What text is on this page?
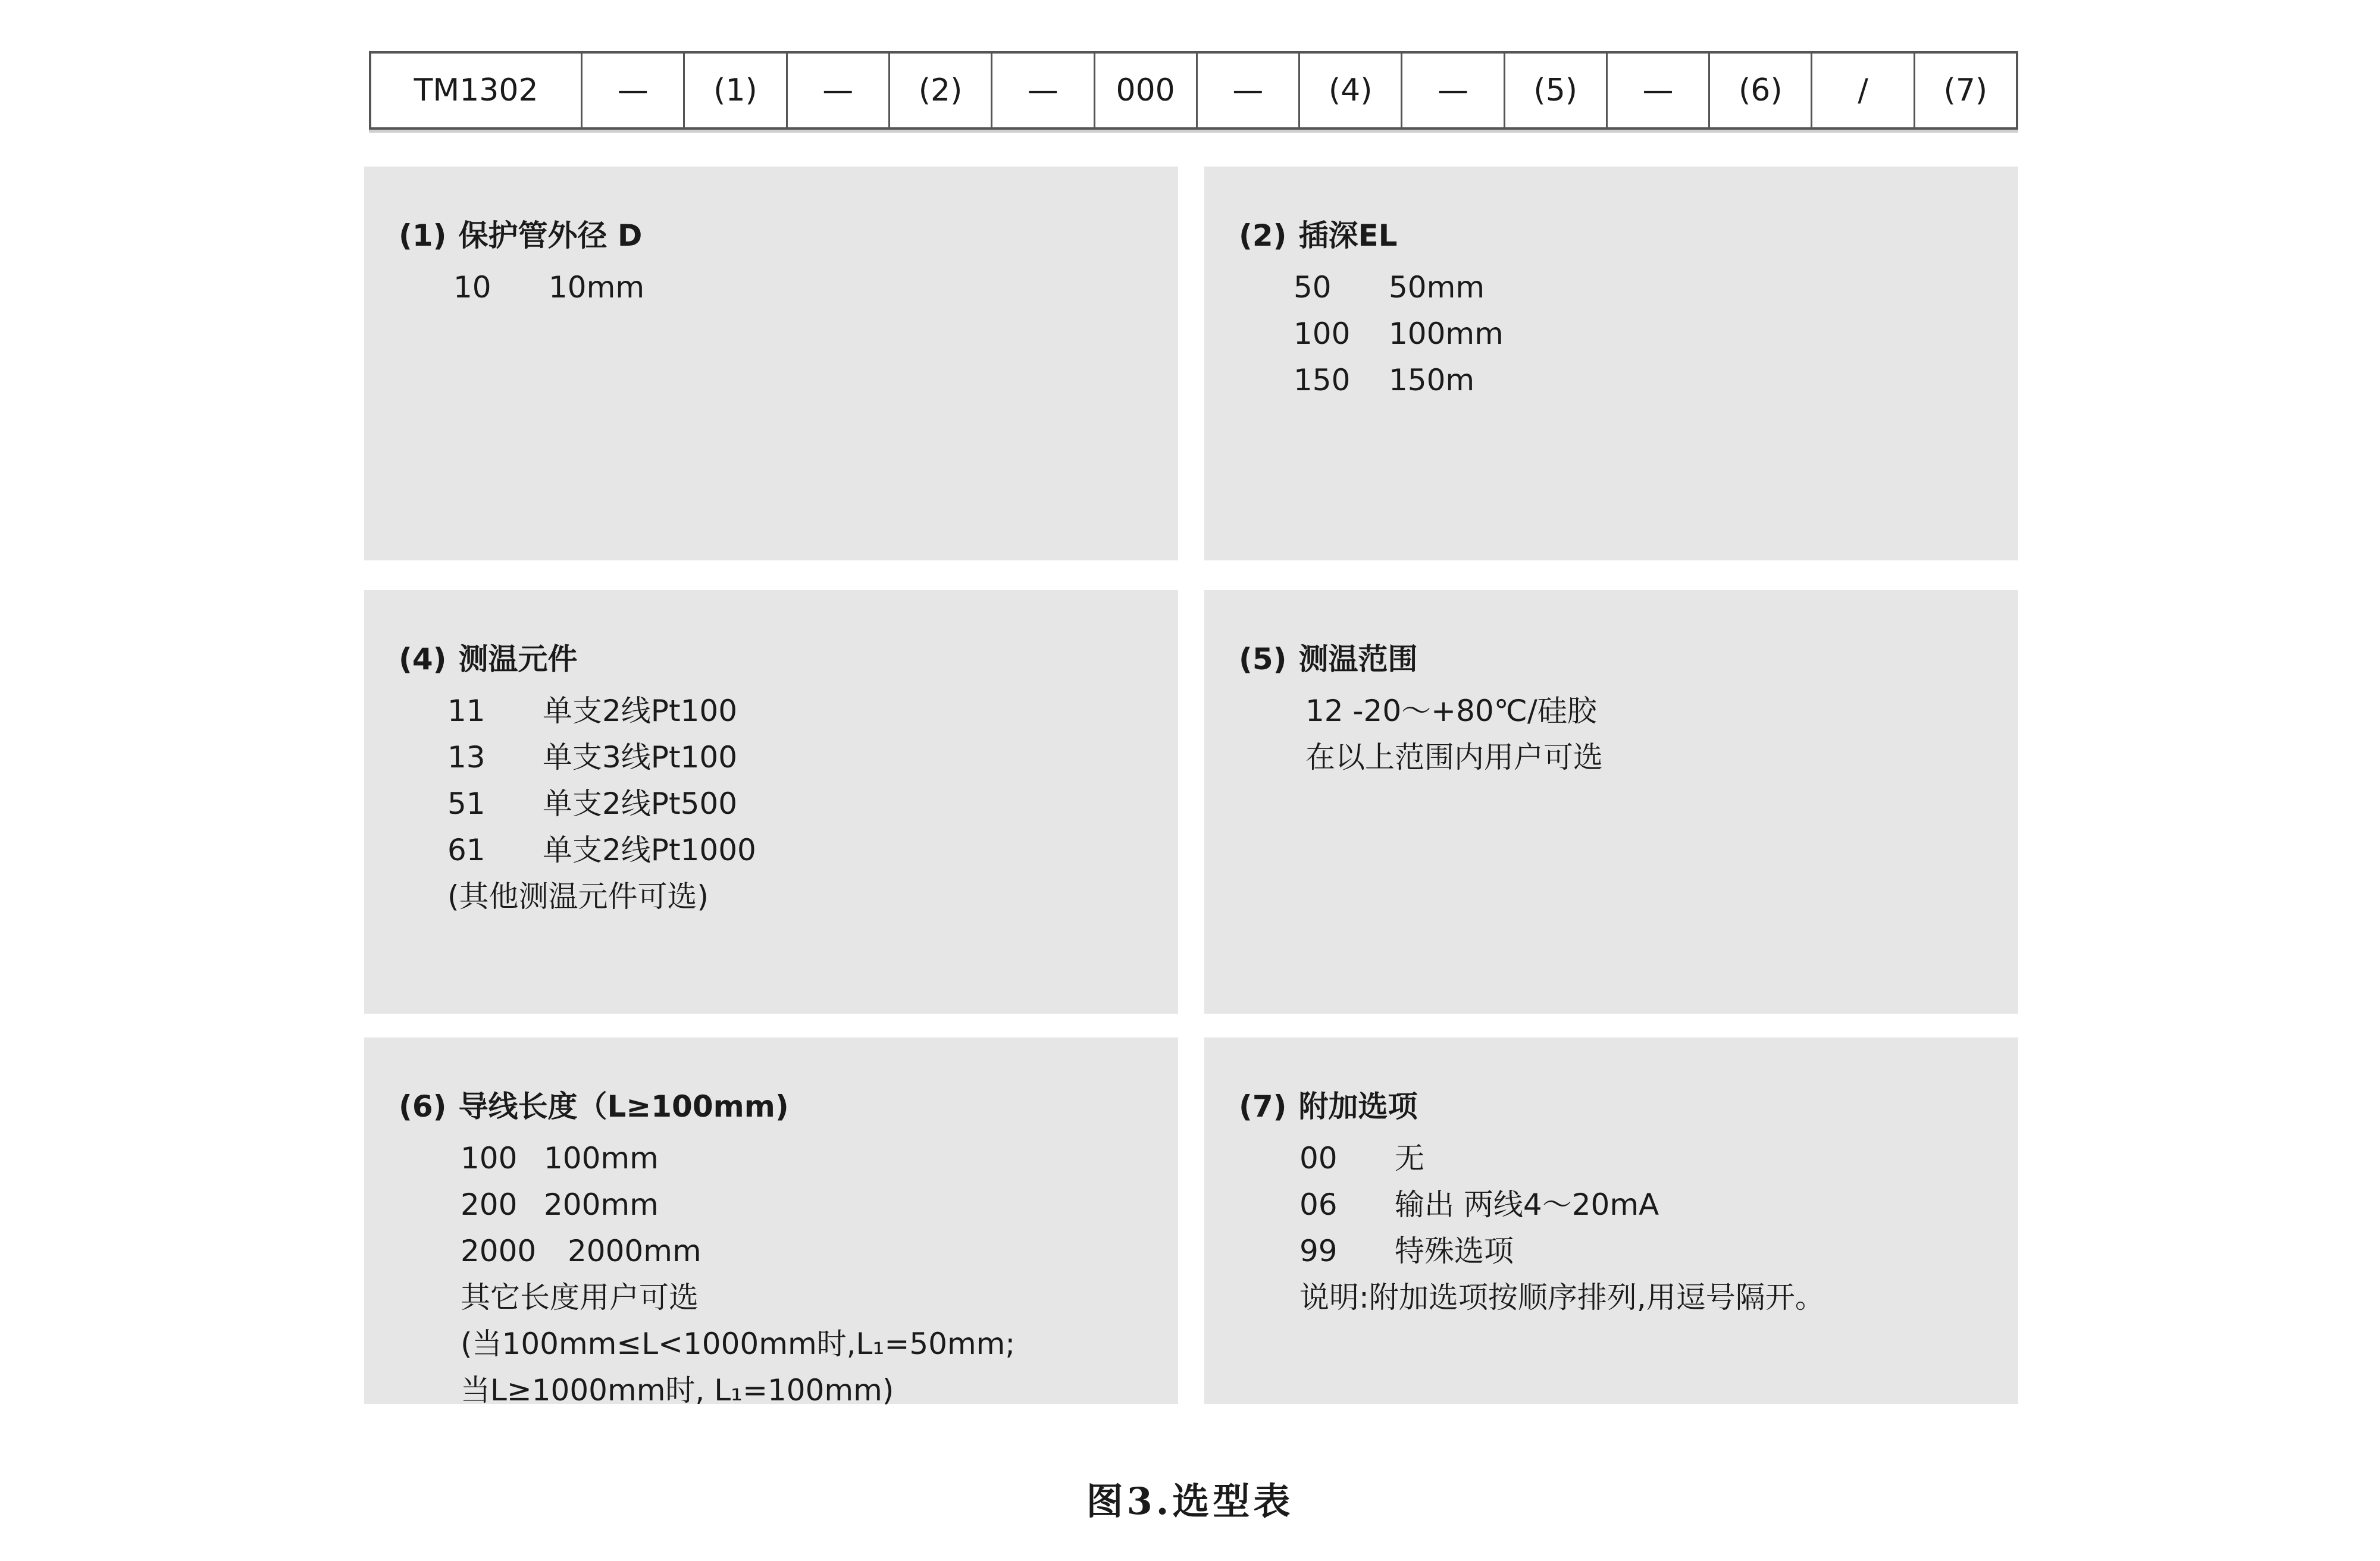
TM1302	—	(1)	—	(2)	—	000	—	(4)	—	(5)	—	(6)	/	(7)
(1) 保护管外径 D
10	10mm
(2) 插深EL
50	50mm
100	100mm
150	150m
(4) 测温元件
11	单支2线Pt100
13	单支3线Pt100
51	单支2线Pt500
61	单支2线Pt1000
(其他测温元件可选)
(5) 测温范围
12 -20～+80℃/硅胶
在以上范围内用户可选
(6) 导线长度（L≥100mm)
100 100mm
200 200mm
2000	2000mm
其它长度用户可选
(当100mm≤L<1000mm时,L₁=50mm;
当L≥1000mm时, L₁=100mm)
(7) 附加选项
00	无
06	输出 两线4～20mA
99	特殊选项
说明:附加选项按顺序排列,用逗号隔开。
图3.选型表
